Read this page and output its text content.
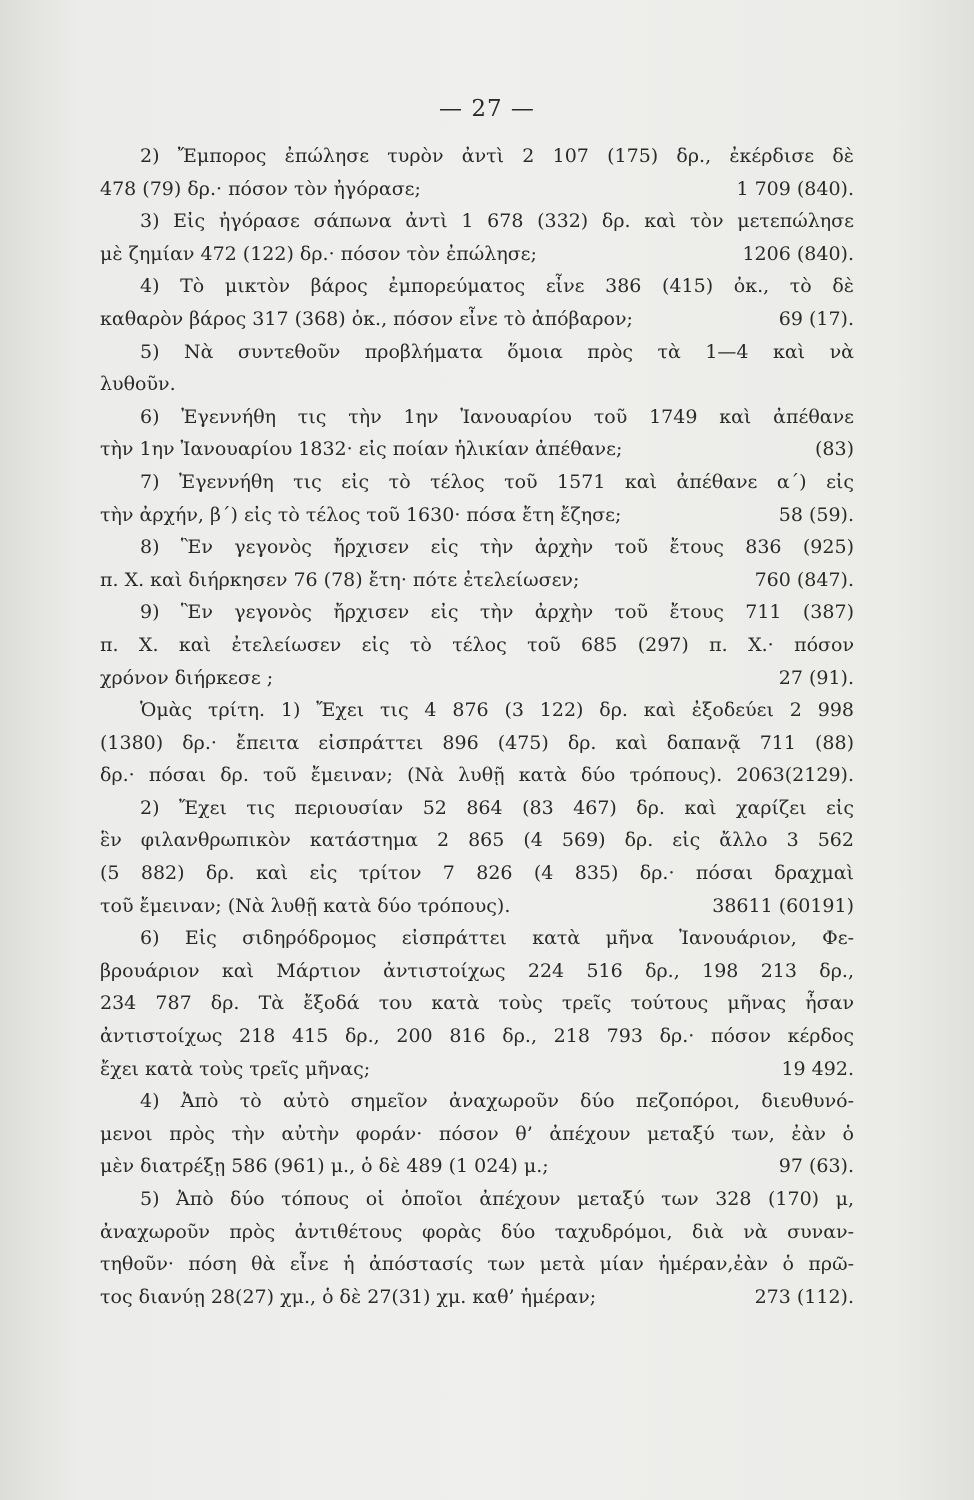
— 27 —
2) Ἔμπορος ἐπώλησε τυρὸν ἀντὶ 2 107 (175) δρ., ἐκέρδισε δὲ
478 (79) δρ.· πόσον τὸν ἠγόρασε;	1 709 (840).
3) Εἰς ἠγόρασε σάπωνα ἀντὶ 1 678 (332) δρ. καὶ τὸν μετεπώλησε
μὲ ζημίαν 472 (122) δρ.· πόσον τὸν ἐπώλησε;	1206 (840).
4) Τὸ μικτὸν βάρος ἐμπορεύματος εἶνε 386 (415) ὀκ., τὸ δὲ
καθαρὸν βάρος 317 (368) ὀκ., πόσον εἶνε τὸ ἀπόβαρον;	69 (17).
5) Νὰ συντεθοῦν προβλήματα ὅμοια πρὸς τὰ 1—4 καὶ νὰ
λυθοῦν.
6) Ἐγεννήθη τις τὴν 1ην Ἰανουαρίου τοῦ 1749 καὶ ἀπέθανε
τὴν 1ην Ἰανουαρίου 1832· εἰς ποίαν ἡλικίαν ἀπέθανε;	(83)
7) Ἐγεννήθη τις εἰς τὸ τέλος τοῦ 1571 καὶ ἀπέθανε α΄) εἰς
τὴν ἀρχήν, β΄) εἰς τὸ τέλος τοῦ 1630· πόσα ἔτη ἔζησε;	58 (59).
8) Ἓν γεγονὸς ἤρχισεν εἰς τὴν ἀρχὴν τοῦ ἔτους 836 (925)
π. Χ. καὶ διήρκησεν 76 (78) ἔτη· πότε ἐτελείωσεν;	760 (847).
9) Ἓν γεγονὸς ἤρχισεν εἰς τὴν ἀρχὴν τοῦ ἔτους 711 (387)
π. Χ. καὶ ἐτελείωσεν εἰς τὸ τέλος τοῦ 685 (297) π. Χ.· πόσον
χρόνον διήρκεσε ;	27 (91).
Ὁμὰς τρίτη. 1) Ἔχει τις 4 876 (3 122) δρ. καὶ ἐξοδεύει 2 998
(1380) δρ.· ἔπειτα εἰσπράττει 896 (475) δρ. καὶ δαπανᾷ 711 (88)
δρ.· πόσαι δρ. τοῦ ἔμειναν; (Νὰ λυθῇ κατὰ δύο τρόπους). 2063(2129).
2) Ἔχει τις περιουσίαν 52 864 (83 467) δρ. καὶ χαρίζει εἰς
ἓν φιλανθρωπικὸν κατάστημα 2 865 (4 569) δρ. εἰς ἄλλο 3 562
(5 882) δρ. καὶ εἰς τρίτον 7 826 (4 835) δρ.· πόσαι δραχμαὶ
τοῦ ἔμειναν; (Νὰ λυθῇ κατὰ δύο τρόπους).	38611 (60191)
6) Εἰς σιδηρόδρομος εἰσπράττει κατὰ μῆνα Ἰανουάριον, Φε-
βρουάριον καὶ Μάρτιον ἀντιστοίχως 224 516 δρ., 198 213 δρ.,
234 787 δρ. Τὰ ἔξοδά του κατὰ τοὺς τρεῖς τούτους μῆνας ἦσαν
ἀντιστοίχως 218 415 δρ., 200 816 δρ., 218 793 δρ.· πόσον κέρδος
ἔχει κατὰ τοὺς τρεῖς μῆνας;	19 492.
4) Ἀπὸ τὸ αὐτὸ σημεῖον ἀναχωροῦν δύο πεζοπόροι, διευθυνό-
μενοι πρὸς τὴν αὐτὴν φοράν· πόσον θ’ ἀπέχουν μεταξύ των, ἐὰν ὁ
μὲν διατρέξῃ 586 (961) μ., ὁ δὲ 489 (1 024) μ.;	97 (63).
5) Ἀπὸ δύο τόπους οἱ ὁποῖοι ἀπέχουν μεταξύ των 328 (170) μ,
ἀναχωροῦν πρὸς ἀντιθέτους φορὰς δύο ταχυδρόμοι, διὰ νὰ συναν-
τηθοῦν· πόση θὰ εἶνε ἡ ἀπόστασίς των μετὰ μίαν ἡμέραν,ἐὰν ὁ πρῶ-
τος διανύῃ 28(27) χμ., ὁ δὲ 27(31) χμ. καθ’ ἡμέραν;	273 (112).
